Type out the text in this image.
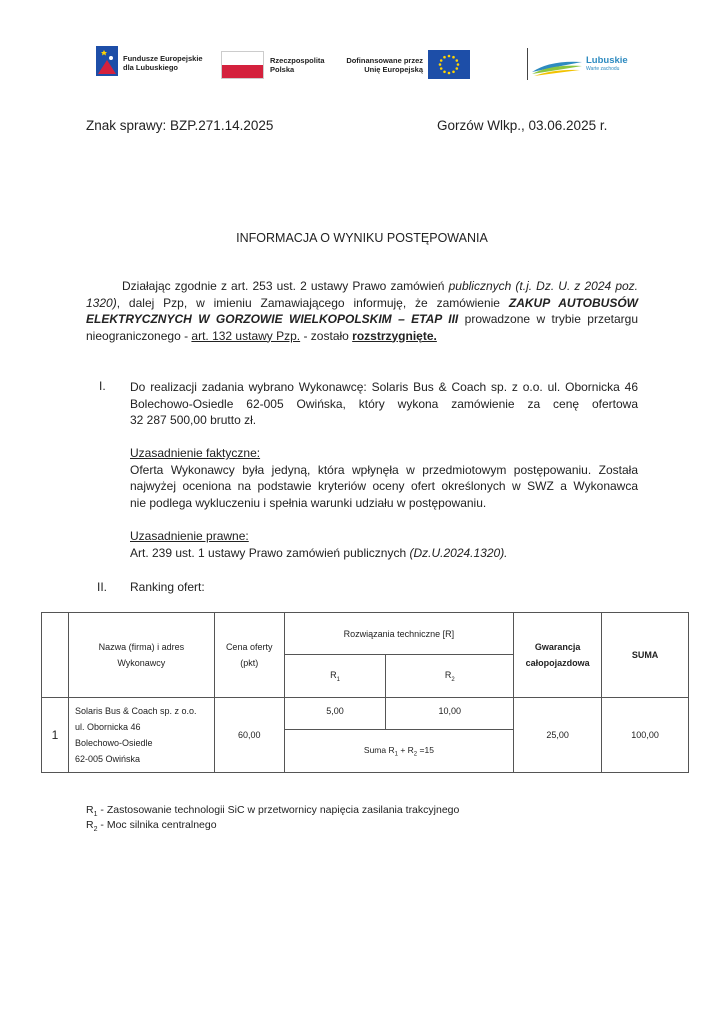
Fundusze Europejskie
dla Lubuskiego
Rzeczpospolita
Polska
Dofinansowane przez
Unię Europejską
Lubuskie
Warte zachodu
Znak sprawy: BZP.271.14.2025	Gorzów Wlkp., 03.06.2025 r.
INFORMACJA O WYNIKU POSTĘPOWANIA
Działając zgodnie z art. 253 ust. 2 ustawy Prawo zamówień publicznych (t.j. Dz. U. z 2024 poz. 1320), dalej Pzp, w imieniu Zamawiającego informuję, że zamówienie ZAKUP AUTOBUSÓW ELEKTRYCZNYCH W GORZOWIE WIELKOPOLSKIM – ETAP III prowadzone w trybie przetargu nieograniczonego - art. 132 ustawy Pzp. - zostało rozstrzygnięte.
I. Do realizacji zadania wybrano Wykonawcę: Solaris Bus & Coach sp. z o.o. ul. Obornicka 46
Bolechowo-Osiedle 62-005 Owińska, który wykona zamówienie za cenę ofertowa
32 287 500,00 brutto zł.
Uzasadnienie faktyczne:
Oferta Wykonawcy była jedyną, która wpłynęła w przedmiotowym postępowaniu. Została
najwyżej oceniona na podstawie kryteriów oceny ofert określonych w SWZ a Wykonawca
nie podlega wykluczeniu i spełnia warunki udziału w postępowaniu.
Uzasadnienie prawne:
Art. 239 ust. 1 ustawy Prawo zamówień publicznych (Dz.U.2024.1320).
II. Ranking ofert:
	Nazwa (firma) i adres Wykonawcy	Cena oferty (pkt)	Rozwiązania techniczne [R]		Gwarancja całopojazdowa	SUMA
			$R_1$	$R_2$
1	Solaris Bus & Coach sp. z o.o.
ul. Obornicka 46
Bolechowo-Osiedle
62-005 Owińska	60,00	5,00	10,00	25,00	100,00
			Suma $R_1 + R_2 =15$			
$R_1$ - Zastosowanie technologii SiC w przetwornicy napięcia zasilania trakcyjnego
$R_2$ - Moc silnika centralnego
